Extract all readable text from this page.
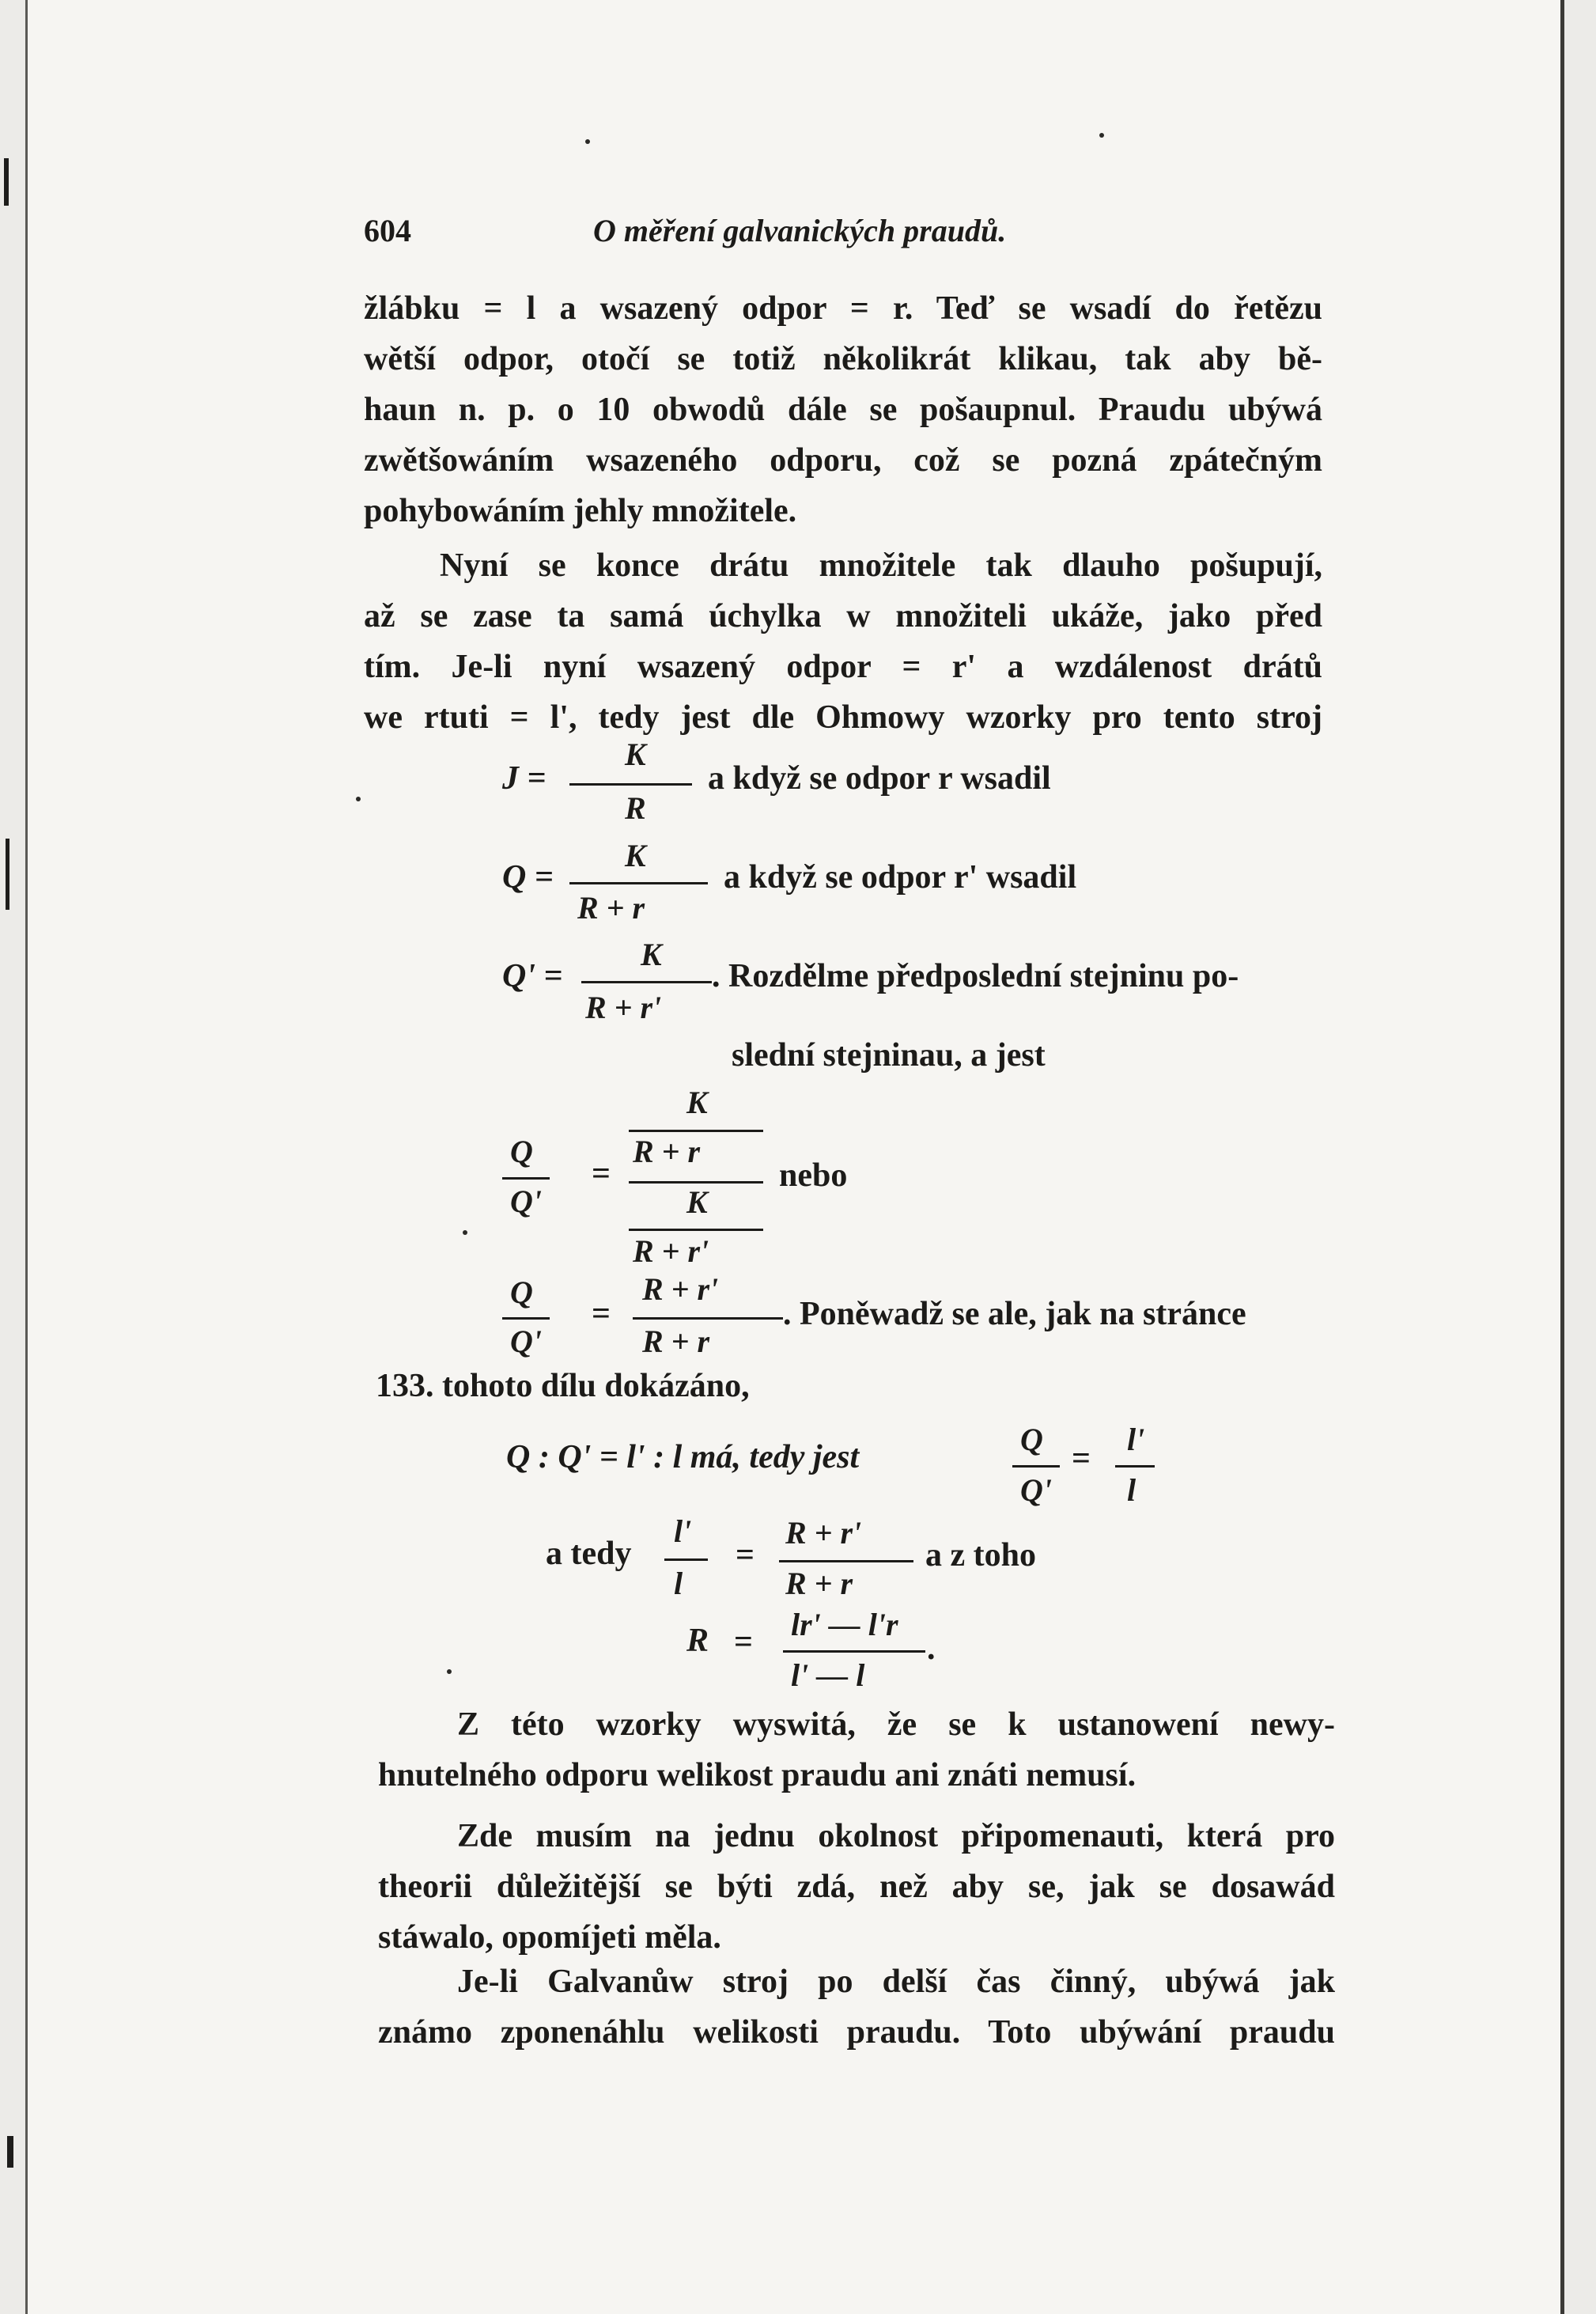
604	O měření galvanických praudů.
žlábku = l a wsazený odpor = r. Teď se wsadí do řetězu
wětší odpor, otočí se totiž několikrát klikau, tak aby bě-
haun n. p. o 10 obwodů dále se pošaupnul. Praudu ubýwá
zwětšowáním wsazeného odporu, což se pozná zpátečným
pohybowáním jehly množitele.
Nyní se konce drátu množitele tak dlauho pošupují,
až se zase ta samá úchylka w množiteli ukáže, jako před
tím. Je-li nyní wsazený odpor = r' a wzdálenost drátů
we rtuti = l', tedy jest dle Ohmowy wzorky pro tento stroj
J =
K
R
a když se odpor r wsadil
Q =
K
R + r
a když se odpor r' wsadil
Q' =
K
R + r'
. Rozdělme předposlední stejninu po-
slední stejninau, a jest
Q
Q'
=
K
R + r
K
R + r'
nebo
Q
Q'
=
R + r'
R + r
. Poněwadž se ale, jak na stránce
133. tohoto dílu dokázáno,
Q : Q' = l' : l má, tedy jest	Q
Q'
=
l'
l
a tedy
l'
l
=
R + r'
R + r
a z toho
R = lr' — l'r
l' — l
.
Z této wzorky wyswitá, že se k ustanowení newy-
hnutelného odporu welikost praudu ani znáti nemusí.
Zde musím na jednu okolnost připomenauti, která pro
theorii důležitější se býti zdá, než aby se, jak se dosawád
stáwalo, opomíjeti měla.
Je-li Galvanůw stroj po delší čas činný, ubýwá jak
známo zponenáhlu welikosti praudu. Toto ubýwání praudu
